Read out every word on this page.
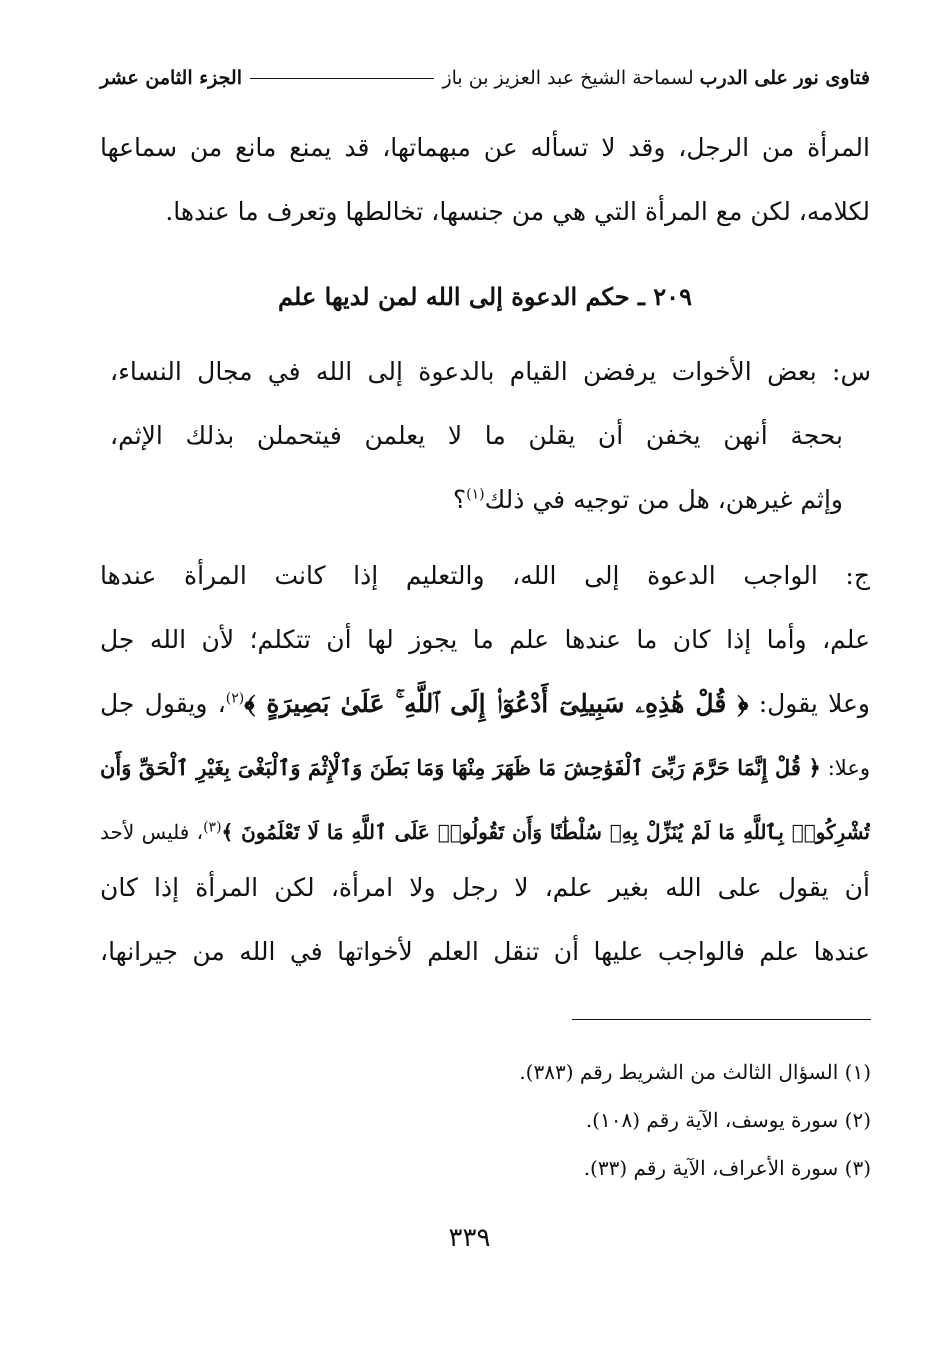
فتاوى نور على الدرب
لسماحة الشيخ عبد العزيز بن باز
الجزء الثامن عشر
المرأة من الرجل، وقد لا تسأله عن مبهماتها، قد يمنع مانع من سماعها
لكلامه، لكن مع المرأة التي هي من جنسها، تخالطها وتعرف ما عندها.
٢٠٩ ـ حكم الدعوة إلى الله لمن لديها علم
س: بعض الأخوات يرفضن القيام بالدعوة إلى الله في مجال النساء،
بحجة أنهن يخفن أن يقلن ما لا يعلمن فيتحملن بذلك الإثم،
وإثم غيرهن، هل من توجيه في ذلك$^{(١)}$؟
ج: الواجب الدعوة إلى الله، والتعليم إذا كانت المرأة عندها
علم، وأما إذا كان ما عندها علم ما يجوز لها أن تتكلم؛ لأن الله جل
وعلا يقول: ﴿ قُلْ هَٰذِهِۦ سَبِيلِىٓ أَدْعُوٓا۟ إِلَى ٱللَّهِ ۚ عَلَىٰ بَصِيرَةٍ ﴾$^{(٢)}$، ويقول جل
وعلا: ﴿ قُلْ إِنَّمَا حَرَّمَ رَبِّىَ ٱلْفَوَٰحِشَ مَا ظَهَرَ مِنْهَا وَمَا بَطَنَ وَٱلْإِثْمَ وَٱلْبَغْىَ بِغَيْرِ ٱلْحَقِّ وَأَن
تُشْرِكُوا۟ بِٱللَّهِ مَا لَمْ يُنَزِّلْ بِهِۦ سُلْطَٰنًا وَأَن تَقُولُوا۟ عَلَى ٱللَّهِ مَا لَا تَعْلَمُونَ ﴾$^{(٣)}$، فليس لأحد
أن يقول على الله بغير علم، لا رجل ولا امرأة، لكن المرأة إذا كان
عندها علم فالواجب عليها أن تنقل العلم لأخواتها في الله من جيرانها،
(١) السؤال الثالث من الشريط رقم (٣٨٣).
(٢) سورة يوسف، الآية رقم (١٠٨).
(٣) سورة الأعراف، الآية رقم (٣٣).
٣٣٩
